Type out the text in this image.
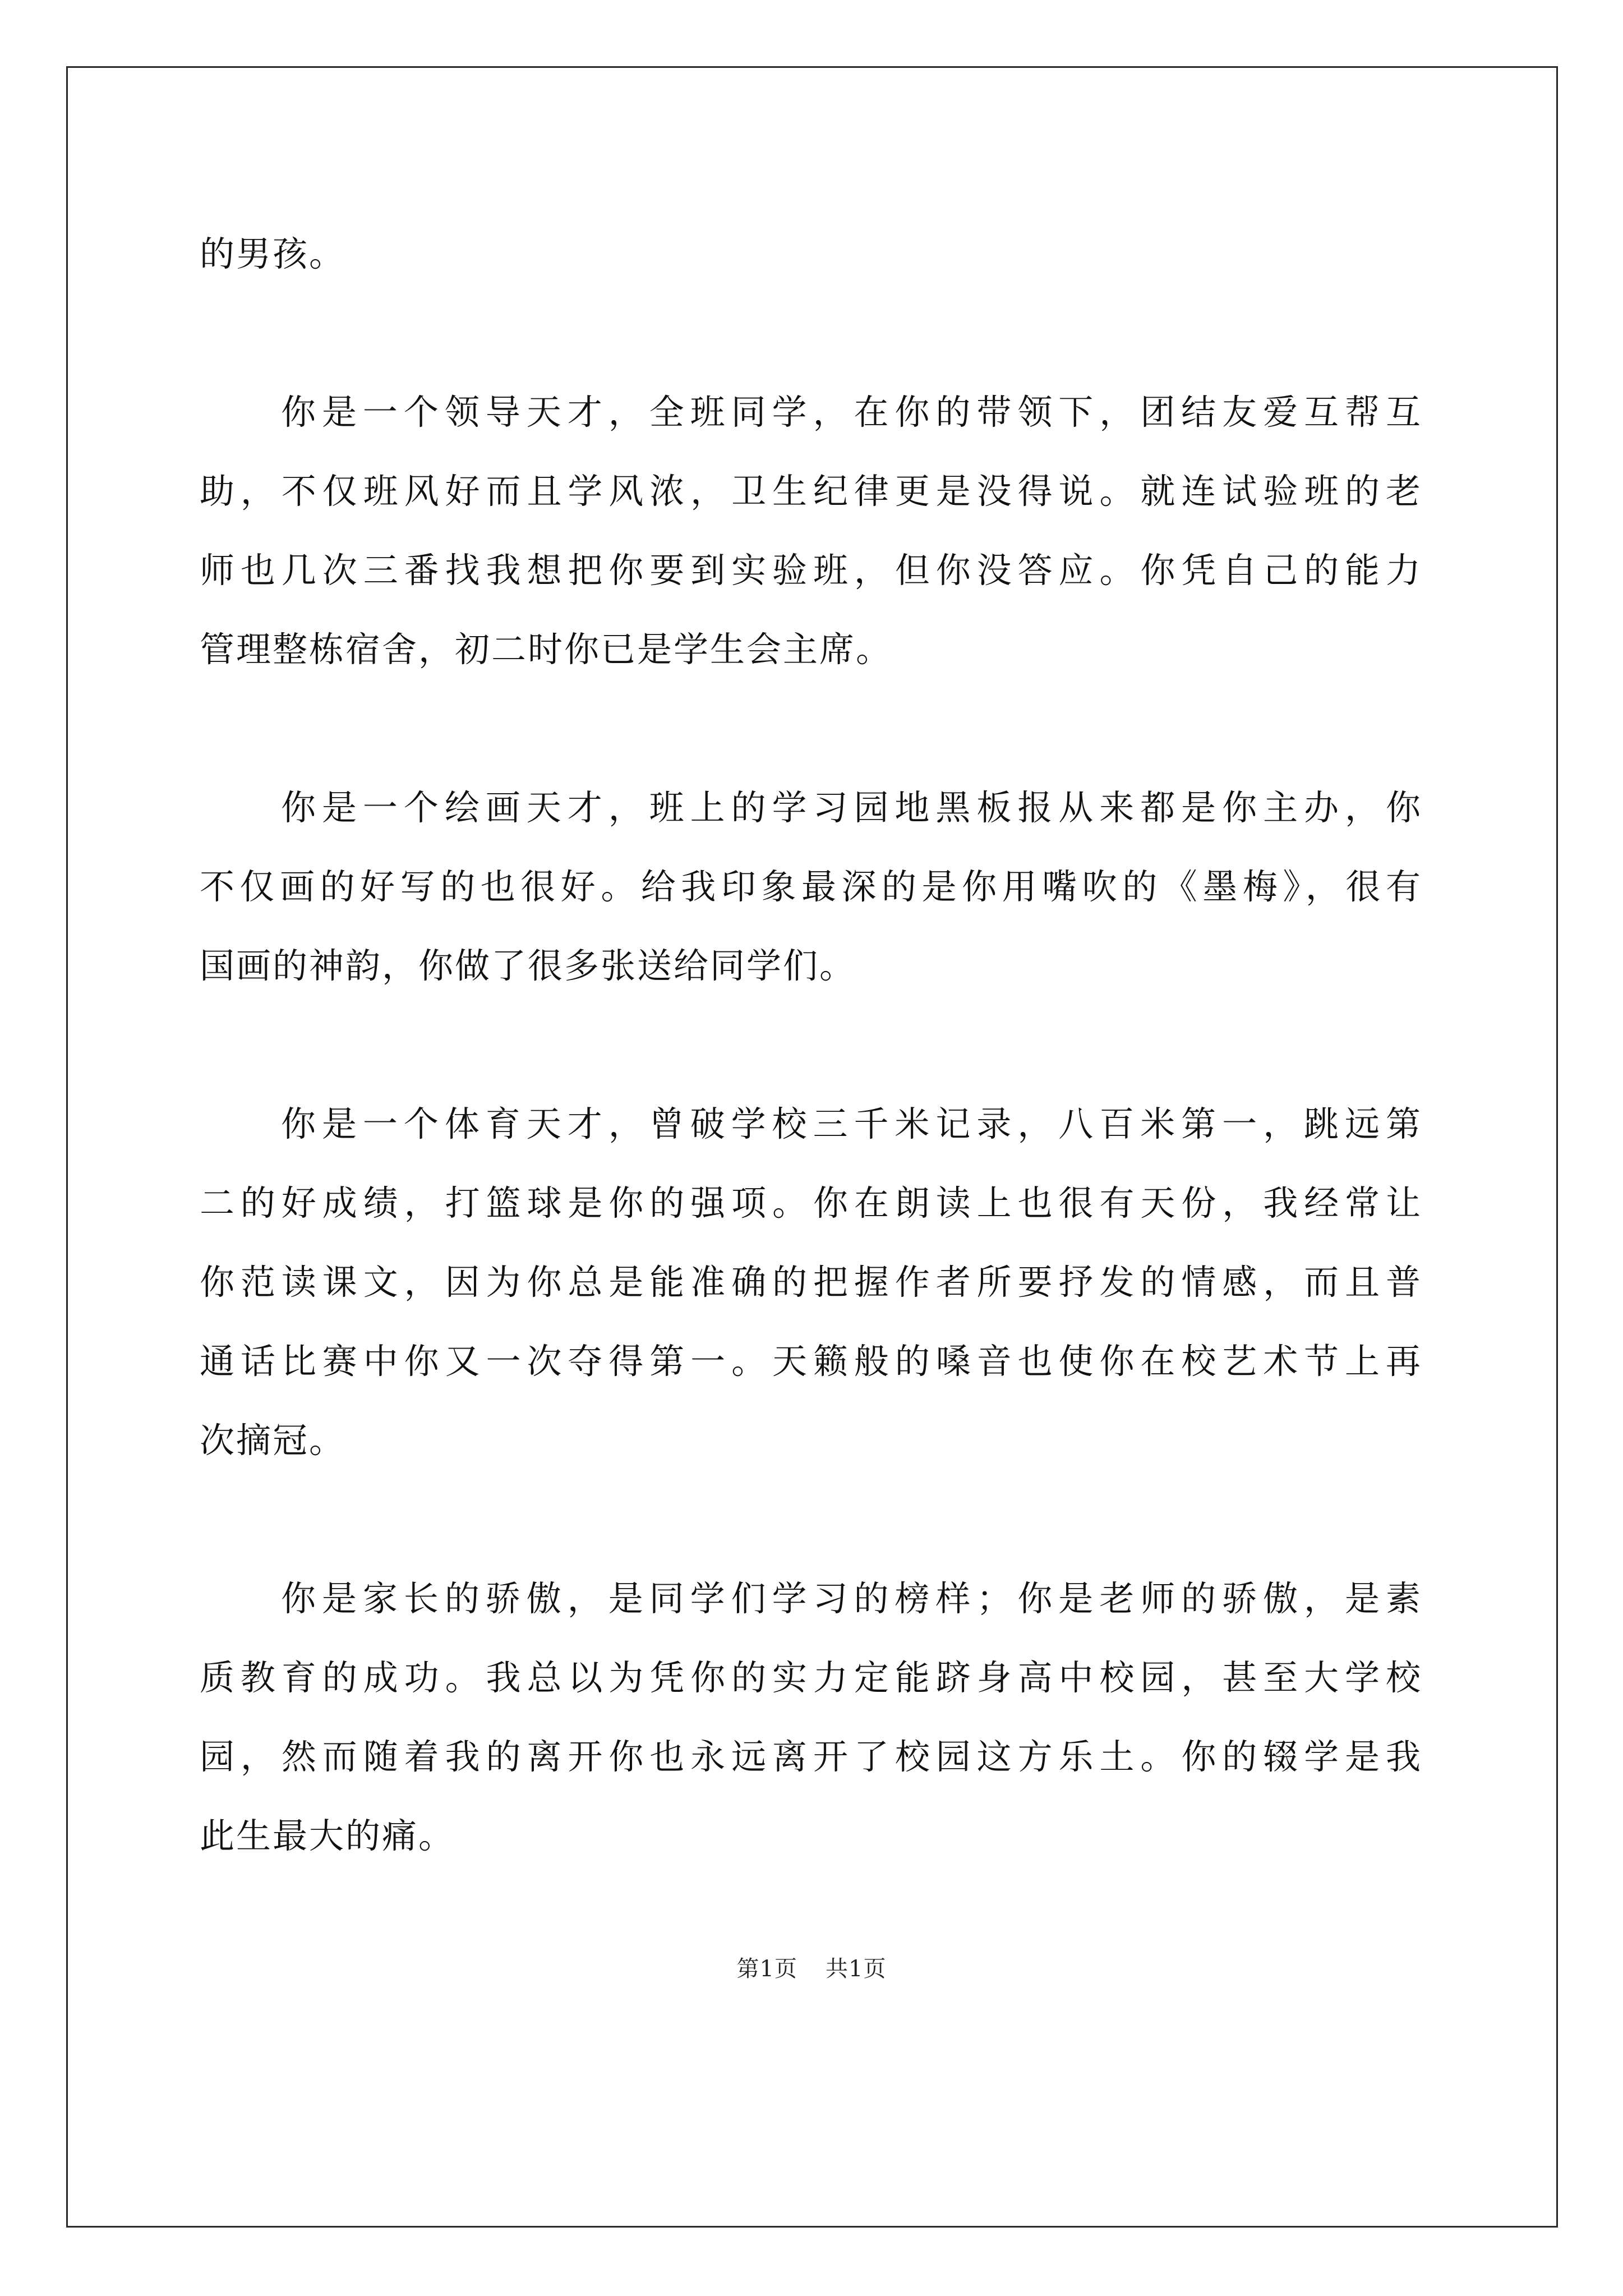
的男孩。
你是一个领导天才，全班同学，在你的带领下，团结友爱互帮互
助，不仅班风好而且学风浓，卫生纪律更是没得说。就连试验班的老
师也几次三番找我想把你要到实验班，但你没答应。你凭自己的能力
管理整栋宿舍，初二时你已是学生会主席。
你是一个绘画天才，班上的学习园地黑板报从来都是你主办，你
不仅画的好写的也很好。给我印象最深的是你用嘴吹的《墨梅》，很有
国画的神韵，你做了很多张送给同学们。
你是一个体育天才，曾破学校三千米记录，八百米第一，跳远第
二的好成绩，打篮球是你的强项。你在朗读上也很有天份，我经常让
你范读课文，因为你总是能准确的把握作者所要抒发的情感，而且普
通话比赛中你又一次夺得第一。天籁般的嗓音也使你在校艺术节上再
次摘冠。
你是家长的骄傲，是同学们学习的榜样；你是老师的骄傲，是素
质教育的成功。我总以为凭你的实力定能跻身高中校园，甚至大学校
园，然而随着我的离开你也永远离开了校园这方乐土。你的辍学是我
此生最大的痛。
第1页 共1页
